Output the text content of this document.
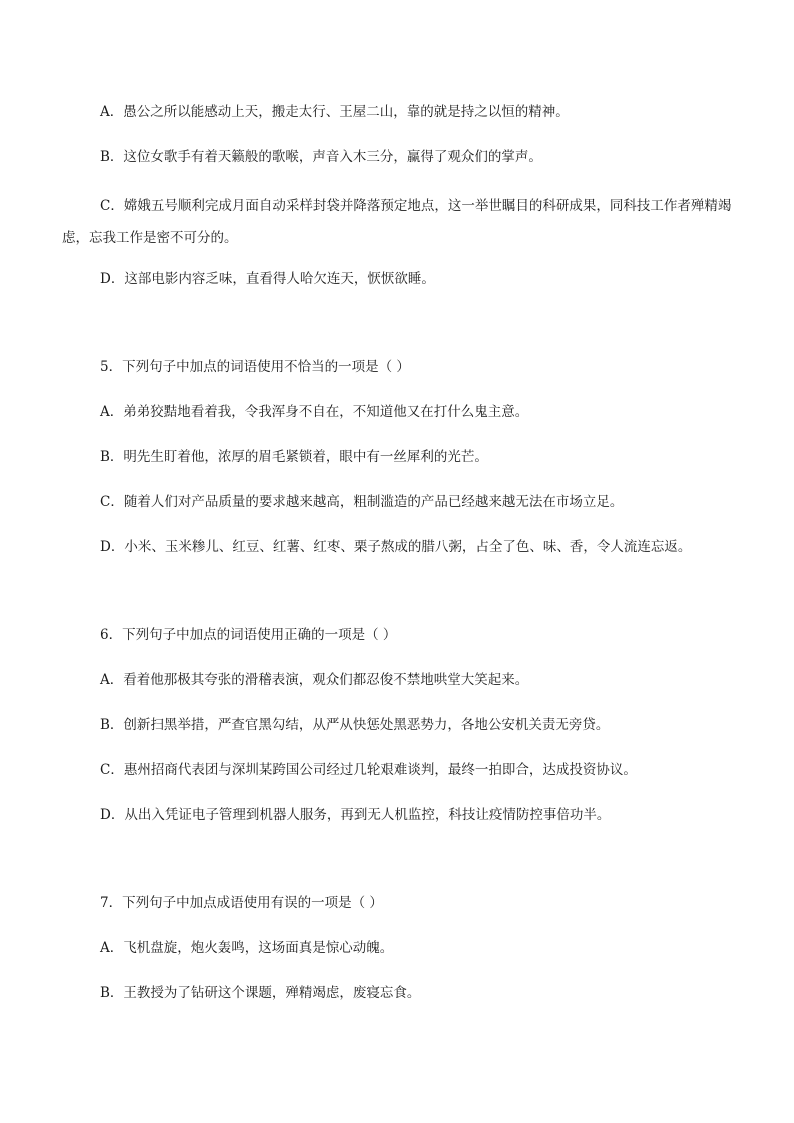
A．愚公之所以能感动上天，搬走太行、王屋二山，靠的就是持之以恒的精神。

B．这位女歌手有着天籁般的歌喉，声音入木三分，赢得了观众们的掌声。

C．嫦娥五号顺利完成月面自动采样封袋并降落预定地点，这一举世瞩目的科研成果，同科技工作者殚精竭虑，忘我工作是密不可分的。

D．这部电影内容乏味，直看得人哈欠连天，恹恹欲睡。

5．下列句子中加点的词语使用不恰当的一项是（ ）

A．弟弟狡黠地看着我，令我浑身不自在，不知道他又在打什么鬼主意。

B．明先生盯着他，浓厚的眉毛紧锁着，眼中有一丝犀利的光芒。

C．随着人们对产品质量的要求越来越高，粗制滥造的产品已经越来越无法在市场立足。

D．小米、玉米糁儿、红豆、红薯、红枣、栗子熬成的腊八粥，占全了色、味、香，令人流连忘返。

6．下列句子中加点的词语使用正确的一项是（ ）

A．看着他那极其夸张的滑稽表演，观众们都忍俊不禁地哄堂大笑起来。

B．创新扫黑举措，严查官黑勾结，从严从快惩处黑恶势力，各地公安机关责无旁贷。

C．惠州招商代表团与深圳某跨国公司经过几轮艰难谈判，最终一拍即合，达成投资协议。

D．从出入凭证电子管理到机器人服务，再到无人机监控，科技让疫情防控事倍功半。

7．下列句子中加点成语使用有误的一项是（ ）

A．飞机盘旋，炮火轰鸣，这场面真是惊心动魄。

B．王教授为了钻研这个课题，殚精竭虑，废寝忘食。
